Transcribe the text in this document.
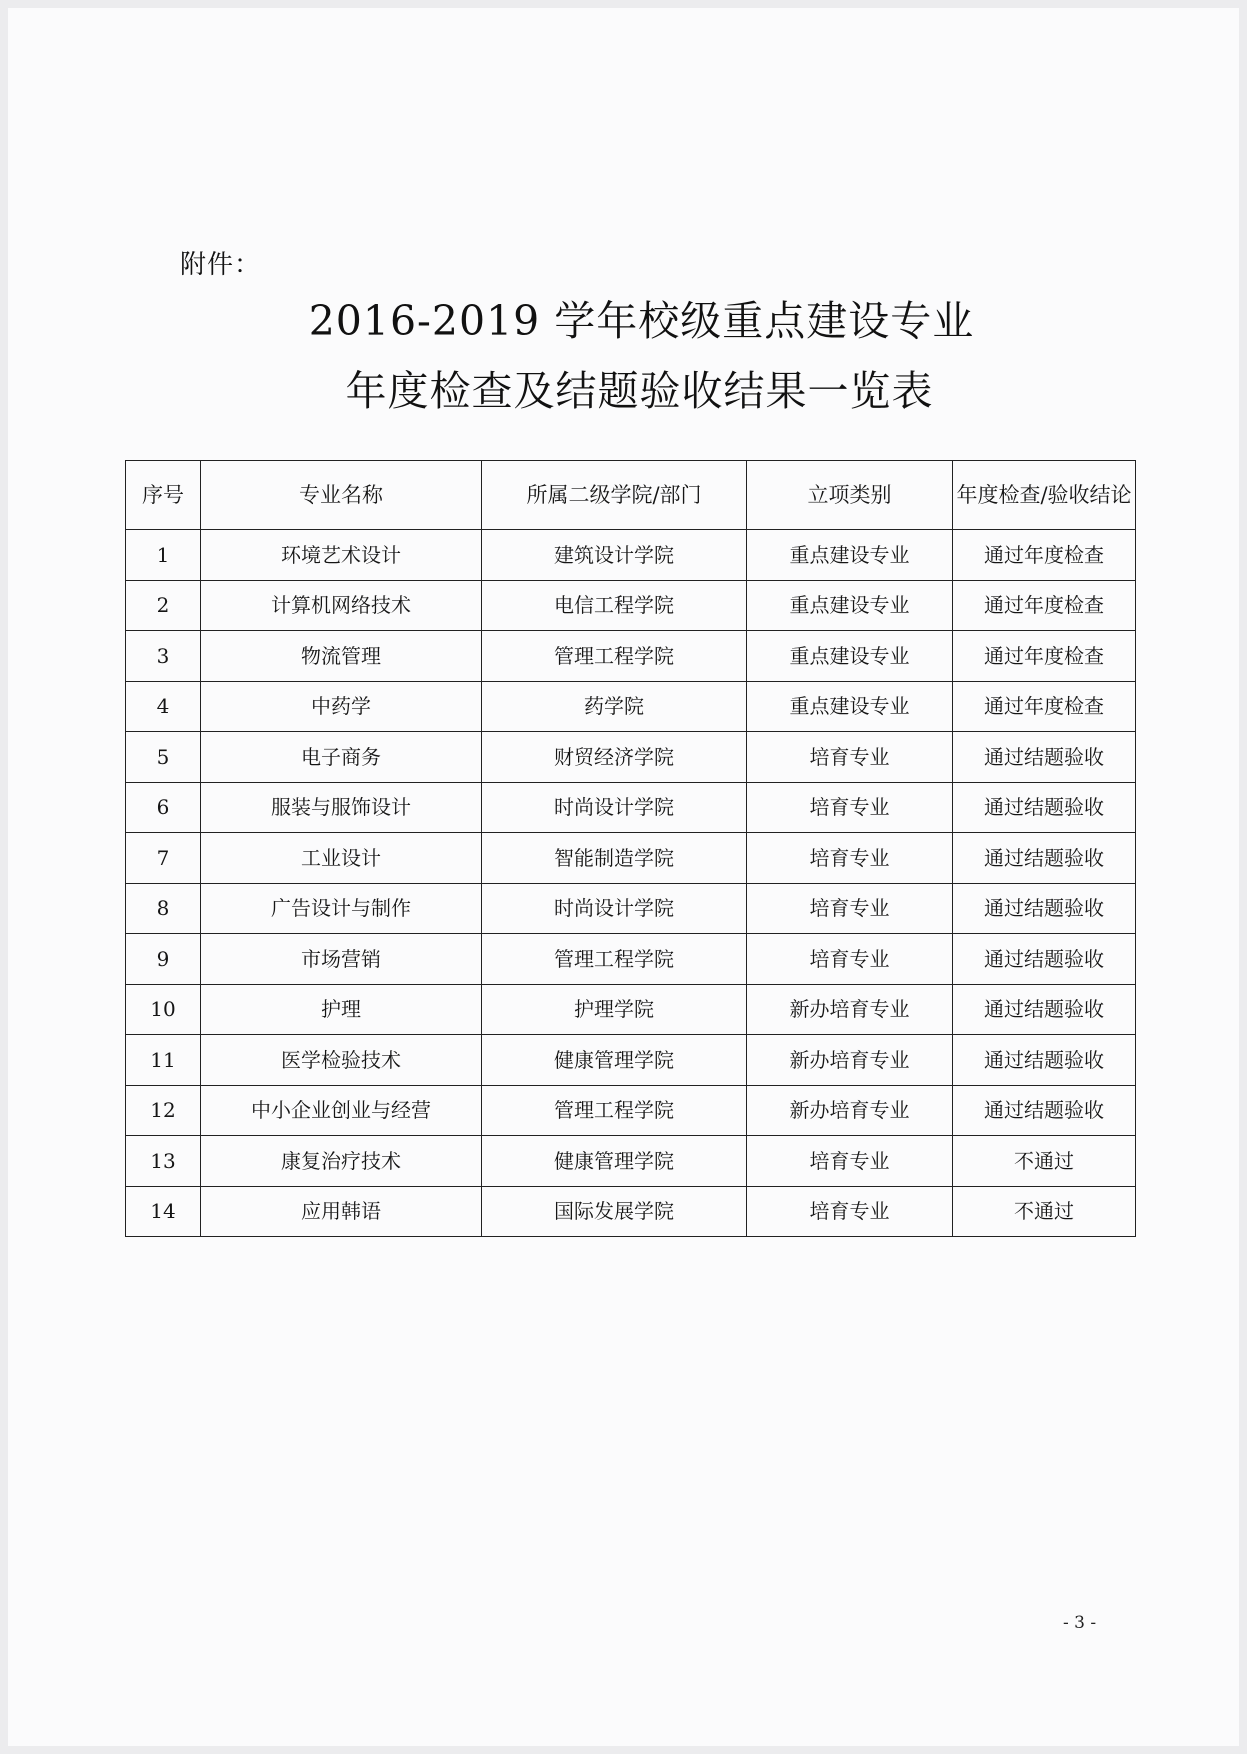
附件：
2016-2019 学年校级重点建设专业
年度检查及结题验收结果一览表
序号	专业名称	所属二级学院/部门	立项类别	年度检查/验收结论
1	环境艺术设计	建筑设计学院	重点建设专业	通过年度检查
2	计算机网络技术	电信工程学院	重点建设专业	通过年度检查
3	物流管理	管理工程学院	重点建设专业	通过年度检查
4	中药学	药学院	重点建设专业	通过年度检查
5	电子商务	财贸经济学院	培育专业	通过结题验收
6	服装与服饰设计	时尚设计学院	培育专业	通过结题验收
7	工业设计	智能制造学院	培育专业	通过结题验收
8	广告设计与制作	时尚设计学院	培育专业	通过结题验收
9	市场营销	管理工程学院	培育专业	通过结题验收
10	护理	护理学院	新办培育专业	通过结题验收
11	医学检验技术	健康管理学院	新办培育专业	通过结题验收
12	中小企业创业与经营	管理工程学院	新办培育专业	通过结题验收
13	康复治疗技术	健康管理学院	培育专业	不通过
14	应用韩语	国际发展学院	培育专业	不通过
- 3 -
